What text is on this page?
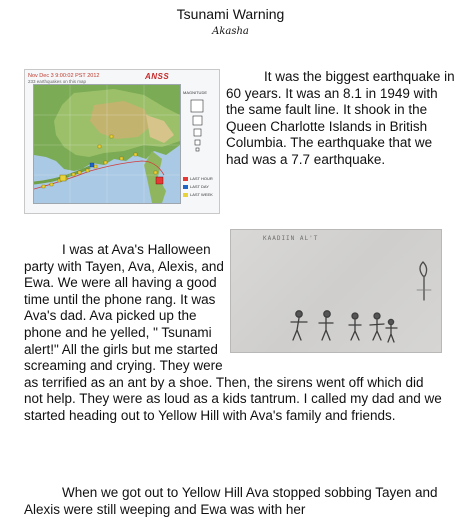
Tsunami Warning
Akasha
Nov Dec 3 9:00:02 PST 2012
233 earthquakes on this map
ANSS
MAGNITUDE
LAST HOUR
LAST DAY
LAST WEEK

It was the biggest earthquake in 60 years. It was an 8.1 in 1949 with the same fault line. It shook in the Queen Charlotte Islands in British Columbia. The earthquake that we had was a 7.7 earthquake.

KAADIIN AL'T

I was at Ava's Halloween party with Tayen, Ava, Alexis, and Ewa. We were all having a good time until the phone rang. It was Ava's dad. Ava picked up the phone and he yelled, " Tsunami alert!" All the girls but me started screaming and crying. They were as terrified as an ant by a shoe. Then, the sirens went off which did not help. They were as loud as a kids tantrum. I called my dad and we started heading out to Yellow Hill with Ava's family and friends.

When we got out to Yellow Hill Ava stopped sobbing Tayen and Alexis were still weeping and Ewa was with her
